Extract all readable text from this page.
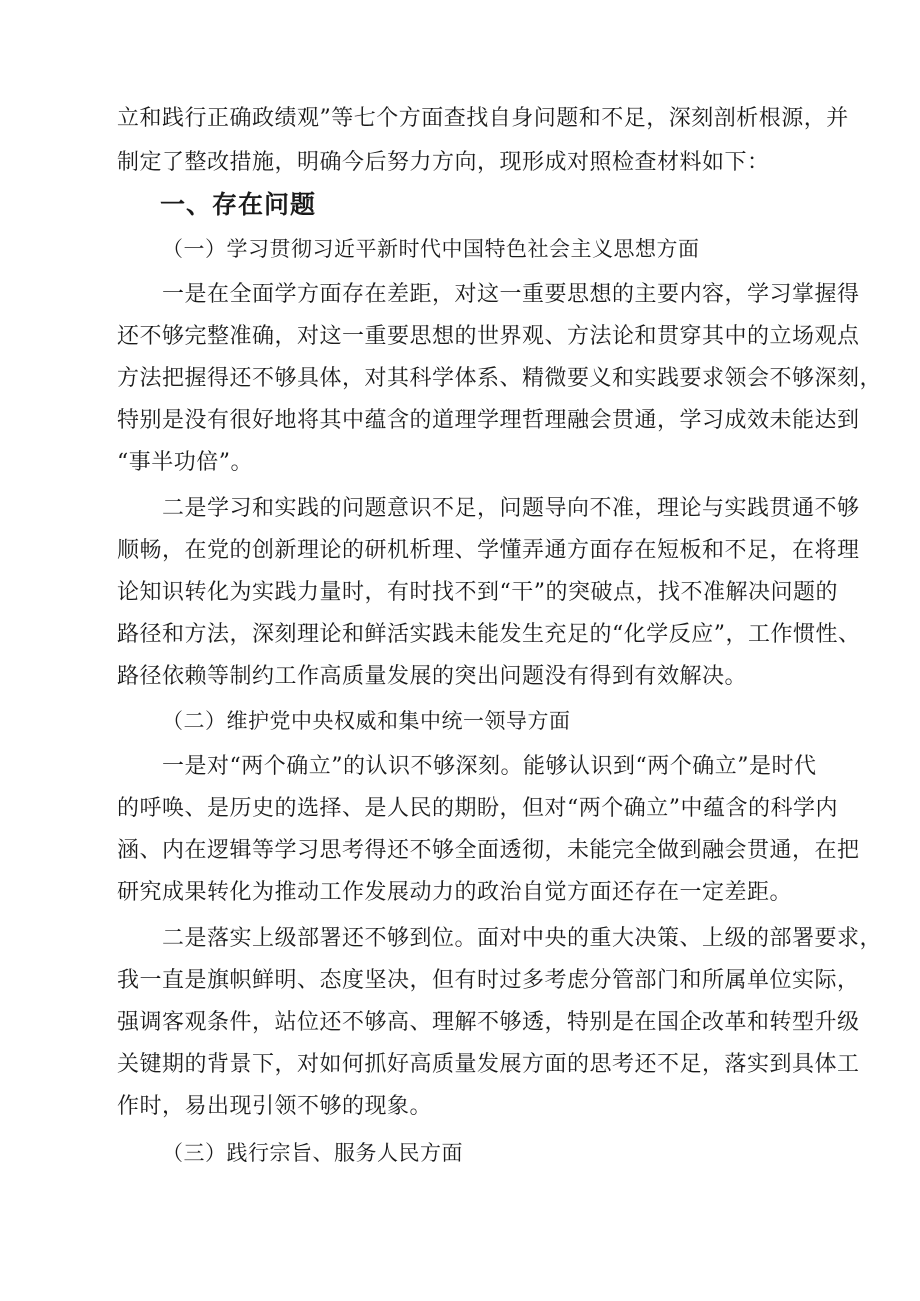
立和践行正确政绩观”等七个方面查找自身问题和不足，深刻剖析根源，并
制定了整改措施，明确今后努力方向，现形成对照检查材料如下：
一、存在问题
（一）学习贯彻习近平新时代中国特色社会主义思想方面
一是在全面学方面存在差距，对这一重要思想的主要内容，学习掌握得
还不够完整准确，对这一重要思想的世界观、方法论和贯穿其中的立场观点
方法把握得还不够具体，对其科学体系、精微要义和实践要求领会不够深刻，
特别是没有很好地将其中蕴含的道理学理哲理融会贯通，学习成效未能达到
“事半功倍”。
二是学习和实践的问题意识不足，问题导向不准，理论与实践贯通不够
顺畅，在党的创新理论的研机析理、学懂弄通方面存在短板和不足，在将理
论知识转化为实践力量时，有时找不到“干”的突破点，找不准解决问题的
路径和方法，深刻理论和鲜活实践未能发生充足的“化学反应”，工作惯性、
路径依赖等制约工作高质量发展的突出问题没有得到有效解决。
（二）维护党中央权威和集中统一领导方面
一是对“两个确立”的认识不够深刻。能够认识到“两个确立”是时代
的呼唤、是历史的选择、是人民的期盼，但对“两个确立”中蕴含的科学内
涵、内在逻辑等学习思考得还不够全面透彻，未能完全做到融会贯通，在把
研究成果转化为推动工作发展动力的政治自觉方面还存在一定差距。
二是落实上级部署还不够到位。面对中央的重大决策、上级的部署要求，
我一直是旗帜鲜明、态度坚决，但有时过多考虑分管部门和所属单位实际，
强调客观条件，站位还不够高、理解不够透，特别是在国企改革和转型升级
关键期的背景下，对如何抓好高质量发展方面的思考还不足，落实到具体工
作时，易出现引领不够的现象。
（三）践行宗旨、服务人民方面
